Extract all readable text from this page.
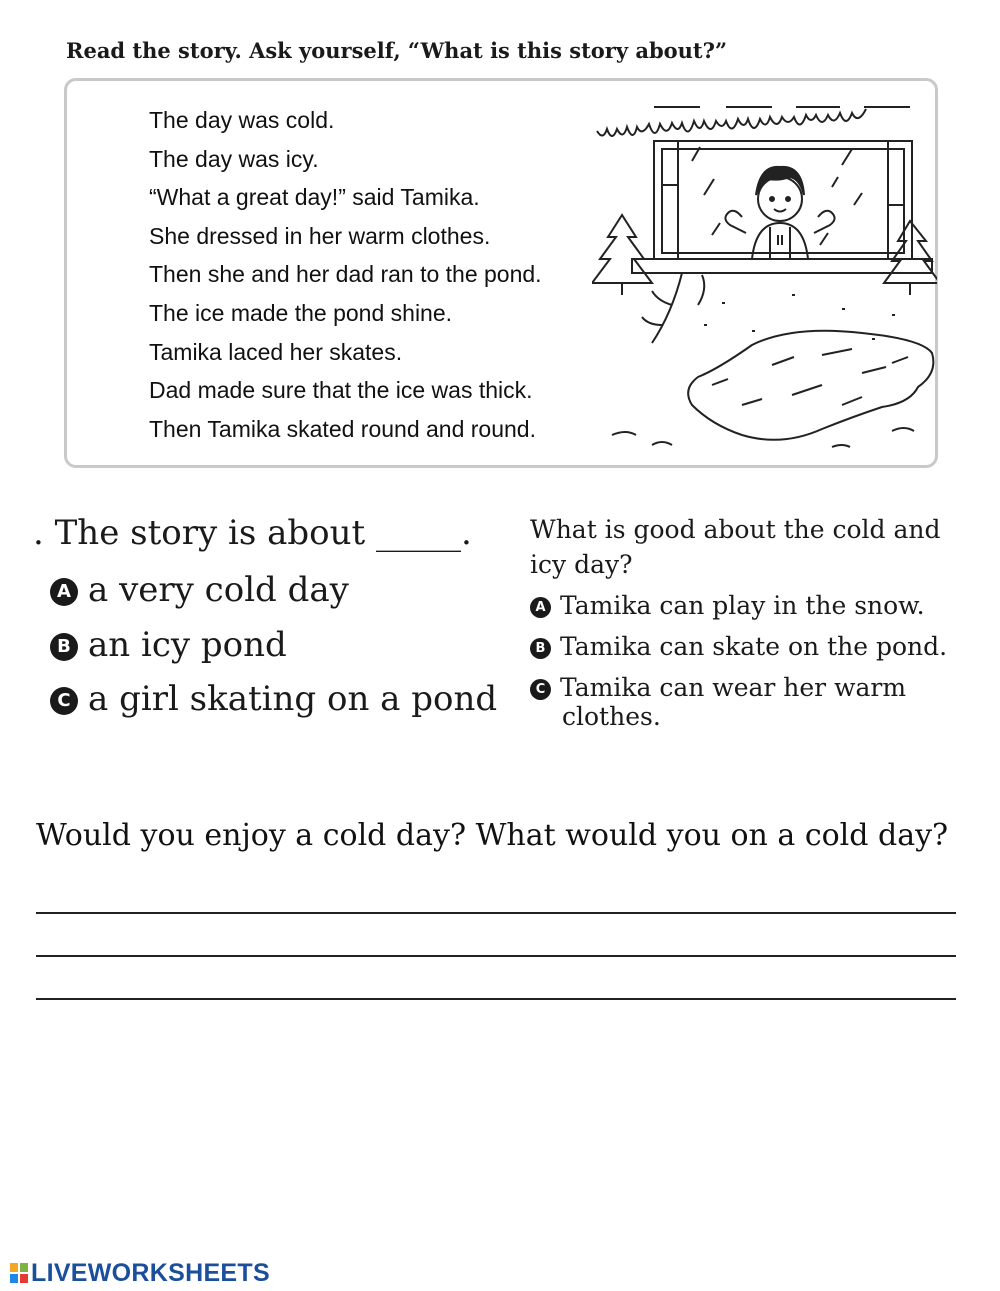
Read the story. Ask yourself, “What is this story about?”
The day was cold.
The day was icy.
“What a great day!” said Tamika.
She dressed in her warm clothes.
Then she and her dad ran to the pond.
The ice made the pond shine.
Tamika laced her skates.
Dad made sure that the ice was thick.
Then Tamika skated round and round.
. The story is about _____.
A a very cold day
B an icy pond
C a girl skating on a pond
What is good about the cold and icy day?
A Tamika can play in the snow.
B Tamika can skate on the pond.
C Tamika can wear her warm
clothes.
Would you enjoy a cold day? What would you on a cold day?
LIVEWORKSHEETS
